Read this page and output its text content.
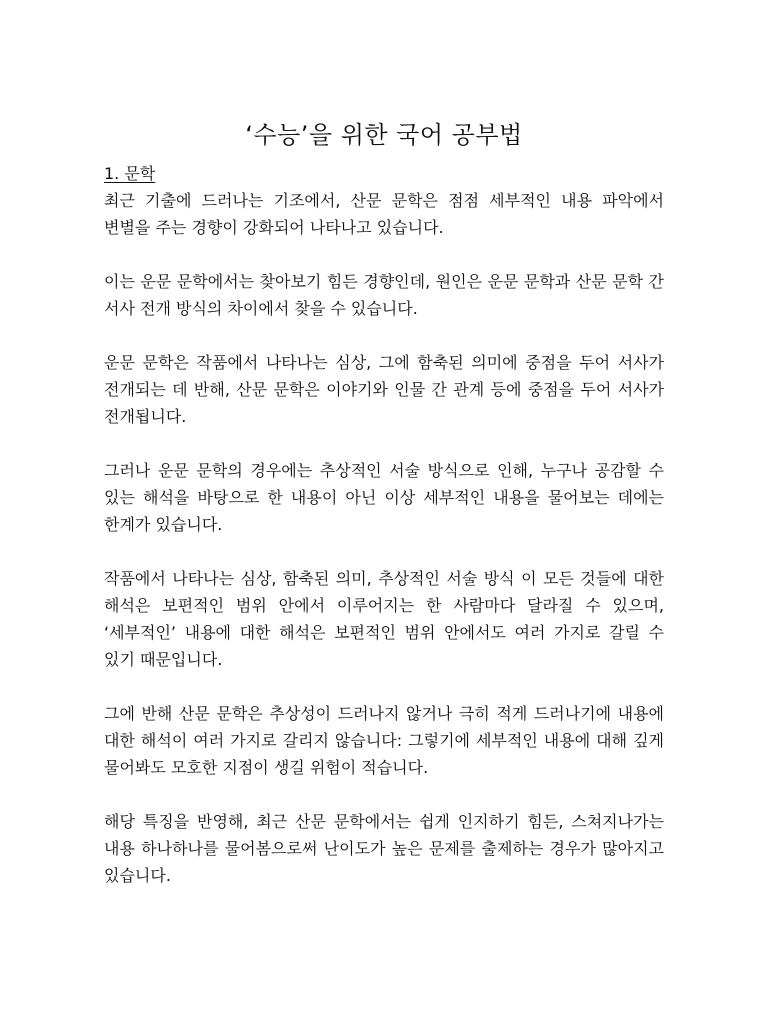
‘수능’을 위한 국어 공부법
1. 문학

최근 기출에 드러나는 기조에서, 산문 문학은 점점 세부적인 내용 파악에서 변별을 주는 경향이 강화되어 나타나고 있습니다.

이는 운문 문학에서는 찾아보기 힘든 경향인데, 원인은 운문 문학과 산문 문학 간 서사 전개 방식의 차이에서 찾을 수 있습니다.

운문 문학은 작품에서 나타나는 심상, 그에 함축된 의미에 중점을 두어 서사가 전개되는 데 반해, 산문 문학은 이야기와 인물 간 관계 등에 중점을 두어 서사가 전개됩니다.

그러나 운문 문학의 경우에는 추상적인 서술 방식으로 인해, 누구나 공감할 수 있는 해석을 바탕으로 한 내용이 아닌 이상 세부적인 내용을 물어보는 데에는 한계가 있습니다.

작품에서 나타나는 심상, 함축된 의미, 추상적인 서술 방식 이 모든 것들에 대한 해석은 보편적인 범위 안에서 이루어지는 한 사람마다 달라질 수 있으며, ‘세부적인’ 내용에 대한 해석은 보편적인 범위 안에서도 여러 가지로 갈릴 수 있기 때문입니다.

그에 반해 산문 문학은 추상성이 드러나지 않거나 극히 적게 드러나기에 내용에 대한 해석이 여러 가지로 갈리지 않습니다: 그렇기에 세부적인 내용에 대해 깊게 물어봐도 모호한 지점이 생길 위험이 적습니다.

해당 특징을 반영해, 최근 산문 문학에서는 쉽게 인지하기 힘든, 스쳐지나가는 내용 하나하나를 물어봄으로써 난이도가 높은 문제를 출제하는 경우가 많아지고 있습니다.
